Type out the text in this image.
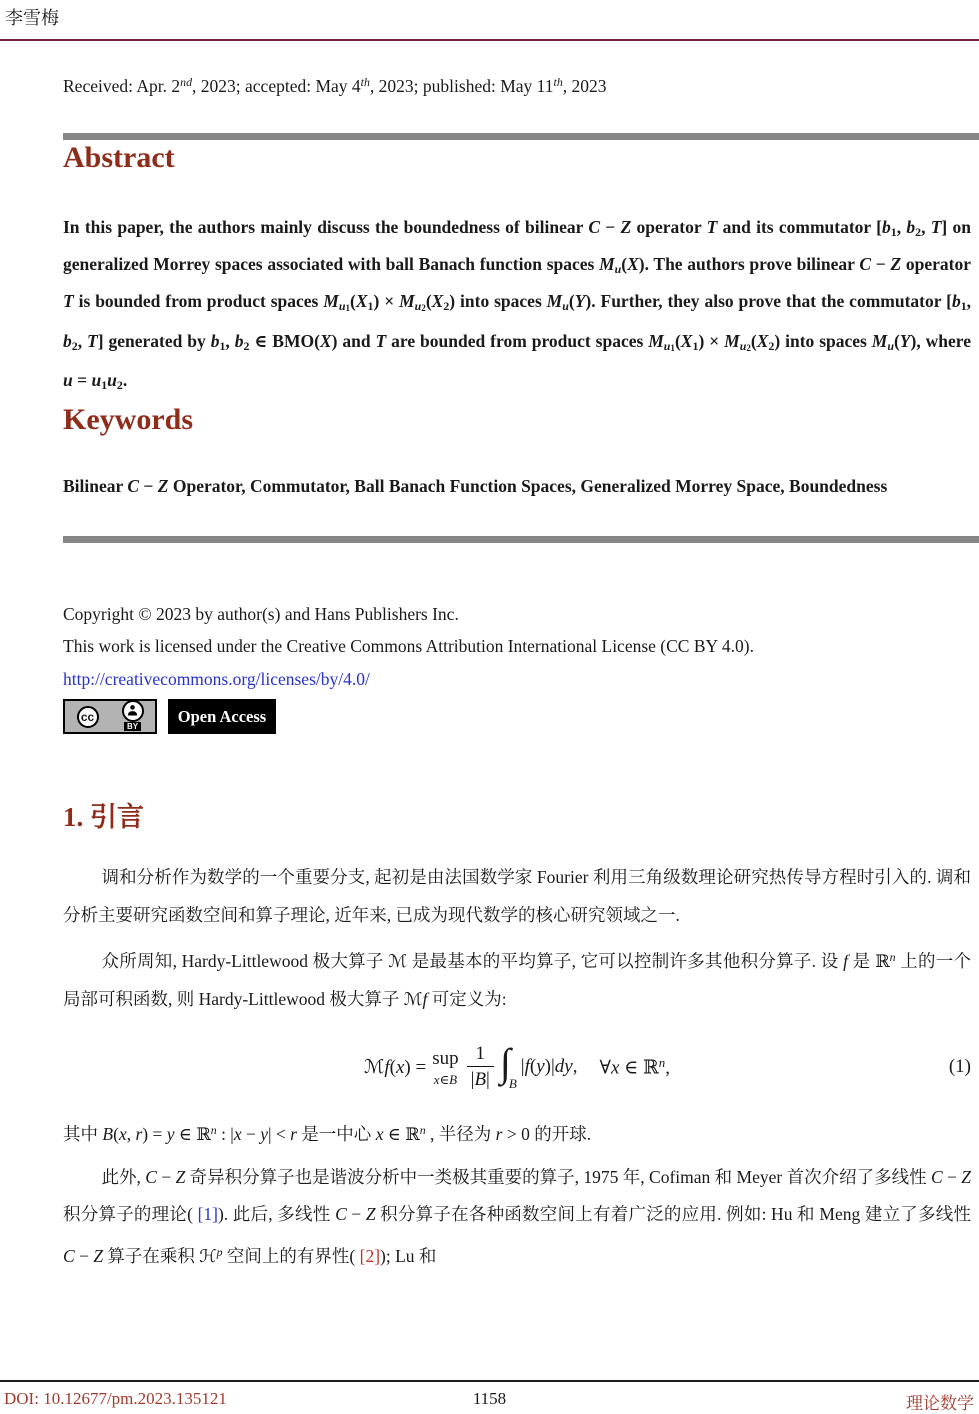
李雪梅
Received: Apr. 2nd, 2023; accepted: May 4th, 2023; published: May 11th, 2023
Abstract
In this paper, the authors mainly discuss the boundedness of bilinear C − Z operator T and its commutator [$b_1$, $b_2$, T] on generalized Morrey spaces associated with ball Banach function spaces $M_u(X)$. The authors prove bilinear C − Z operator T is bounded from product spaces $M_{u1}(X_1) \times M_{u2}(X_2)$ into spaces $M_u(Y)$. Further, they also prove that the commutator [$b_1$, $b_2$, T] generated by $b_1$, $b_2$ ∈ BMO(X) and T are bounded from product spaces $M_{u1}(X_1) \times M_{u2}(X_2)$ into spaces $M_u(Y)$, where $u = u_1u_2$.
Keywords
Bilinear C − Z Operator, Commutator, Ball Banach Function Spaces, Generalized Morrey Space, Boundedness
Copyright © 2023 by author(s) and Hans Publishers Inc.
This work is licensed under the Creative Commons Attribution International License (CC BY 4.0).
http://creativecommons.org/licenses/by/4.0/
cc
BY
Open Access
1. 引言

调和分析作为数学的一个重要分支, 起初是由法国数学家 Fourier 利用三角级数理论研究热传导方程时引入的. 调和分析主要研究函数空间和算子理论, 近年来, 已成为现代数学的核心研究领域之一.

众所周知, Hardy-Littlewood 极大算子 ℳ 是最基本的平均算子, 它可以控制许多其他积分算子. 设 f 是 ℝ$^n$ 上的一个局部可积函数, 则 Hardy-Littlewood 极大算子 ℳf 可定义为:

ℳf(x) = sup
x∈B $\frac{1}{|B|} \int_B$
|f(y)|dy, ∀x ∈ ℝ$^n$,	(1)

其中 B(x, r) = y ∈ ℝ$^n$ : |x − y| < r 是一中心 x ∈ ℝ$^n$ , 半径为 r > 0 的开球.

此外, C − Z 奇异积分算子也是谐波分析中一类极其重要的算子, 1975 年, Cofiman 和 Meyer 首次介绍了多线性 C − Z 积分算子的理论( [1]). 此后, 多线性 C − Z 积分算子在各种函数空间上有着广泛的应用. 例如: Hu 和 Meng 建立了多线性 C − Z 算子在乘积 ℋ$^p$ 空间上的有界性( [2]); Lu 和

DOI: 10.12677/pm.2023.135121	1158	理论数学
